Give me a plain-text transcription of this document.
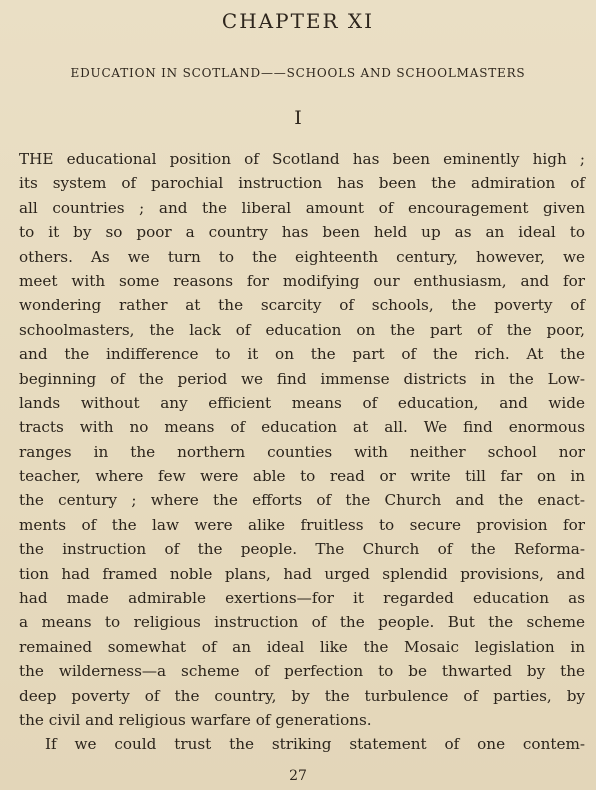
CHAPTER XI
EDUCATION IN SCOTLAND——SCHOOLS AND SCHOOLMASTERS
I
THE educational position of Scotland has been eminently high ;
its system of parochial instruction has been the admiration of
all countries ; and the liberal amount of encouragement given
to it by so poor a country has been held up as an ideal to
others. As we turn to the eighteenth century, however, we
meet with some reasons for modifying our enthusiasm, and for
wondering rather at the scarcity of schools, the poverty of
schoolmasters, the lack of education on the part of the poor,
and the indifference to it on the part of the rich. At the
beginning of the period we find immense districts in the Low-
lands without any efficient means of education, and wide
tracts with no means of education at all. We find enormous
ranges in the northern counties with neither school nor
teacher, where few were able to read or write till far on in
the century ; where the efforts of the Church and the enact-
ments of the law were alike fruitless to secure provision for
the instruction of the people. The Church of the Reforma-
tion had framed noble plans, had urged splendid provisions, and
had made admirable exertions—for it regarded education as
a means to religious instruction of the people. But the scheme
remained somewhat of an ideal like the Mosaic legislation in
the wilderness—a scheme of perfection to be thwarted by the
deep poverty of the country, by the turbulence of parties, by
the civil and religious warfare of generations.
If we could trust the striking statement of one contem-
27
